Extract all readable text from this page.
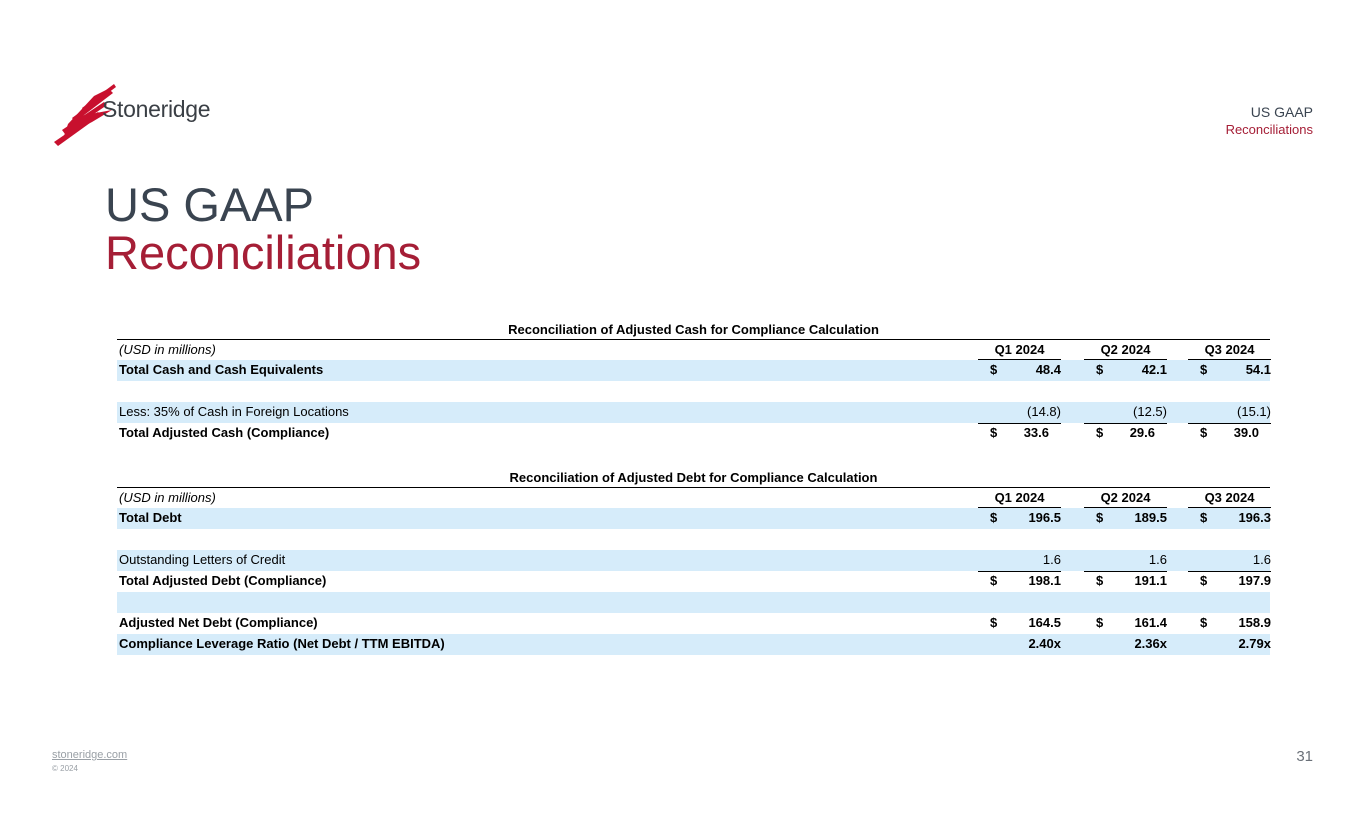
Stoneridge	US GAAP
Reconciliations
US GAAP
Reconciliations
Reconciliation of Adjusted Cash for Compliance Calculation
(USD in millions)	Q1 2024	Q2 2024	Q3 2024
Total Cash and Cash Equivalents	$	48.4	$	42.1	$	54.1
Less: 35% of Cash in Foreign Locations	(14.8)	(12.5)	(15.1)
Total Adjusted Cash (Compliance)	$ 33.6	$ 29.6	$ 39.0
Reconciliation of Adjusted Debt for Compliance Calculation
(USD in millions)	Q1 2024	Q2 2024	Q3 2024
Total Debt	$ 196.5	$ 189.5	$ 196.3
Outstanding Letters of Credit	1.6	1.6	1.6
Total Adjusted Debt (Compliance)	$ 198.1	$ 191.1	$ 197.9
Adjusted Net Debt (Compliance)	$ 164.5	$ 161.4	$ 158.9
Compliance Leverage Ratio (Net Debt / TTM EBITDA)	2.40x	2.36x	2.79x
stoneridge.com
© 2024
31
